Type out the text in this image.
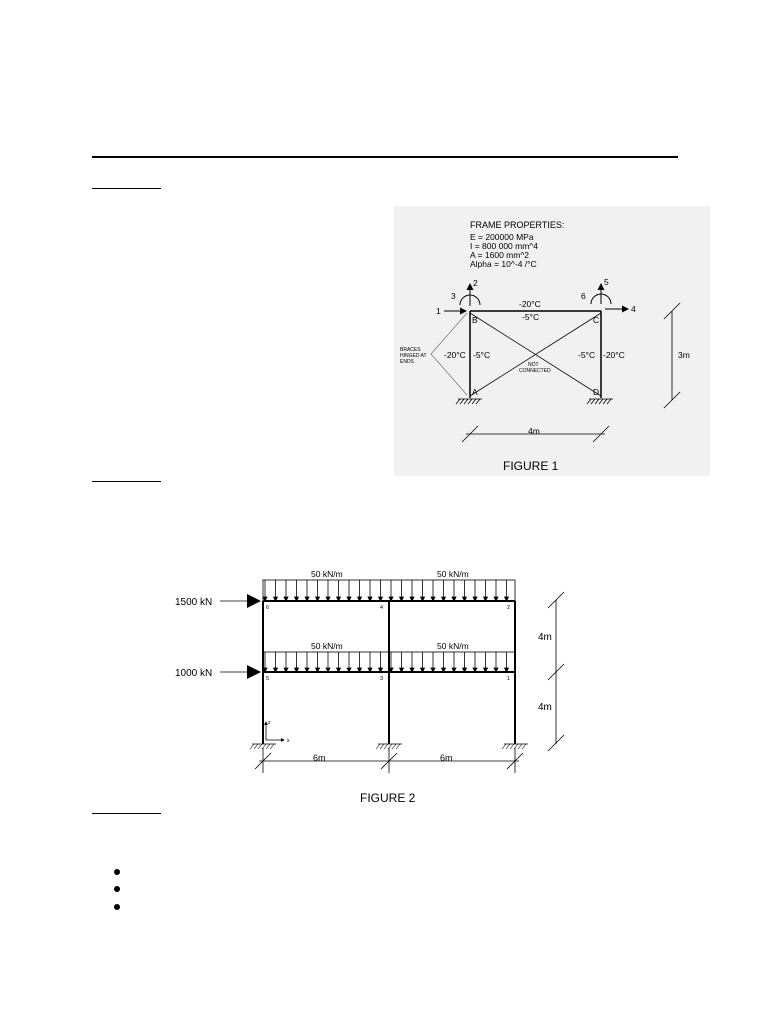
FRAME PROPERTIES:
E = 200000 MPa
I = 800 000 mm^4
A = 1600 mm^2
Alpha = 10^-4 /°C
B	C
A	D
1
2
3
4
5
6
-20°C
-5°C
-20°C -5°C	-5°C -20°C
BRACES
HINGED AT
ENDS	NOT
CONNECTED
3m
4m
FIGURE 1
50 kN/m	50 kN/m
50 kN/m	50 kN/m
1500 kN
1000 kN
6	4	2
5	3	1
z
x
4m
4m
6m	6m
FIGURE 2
